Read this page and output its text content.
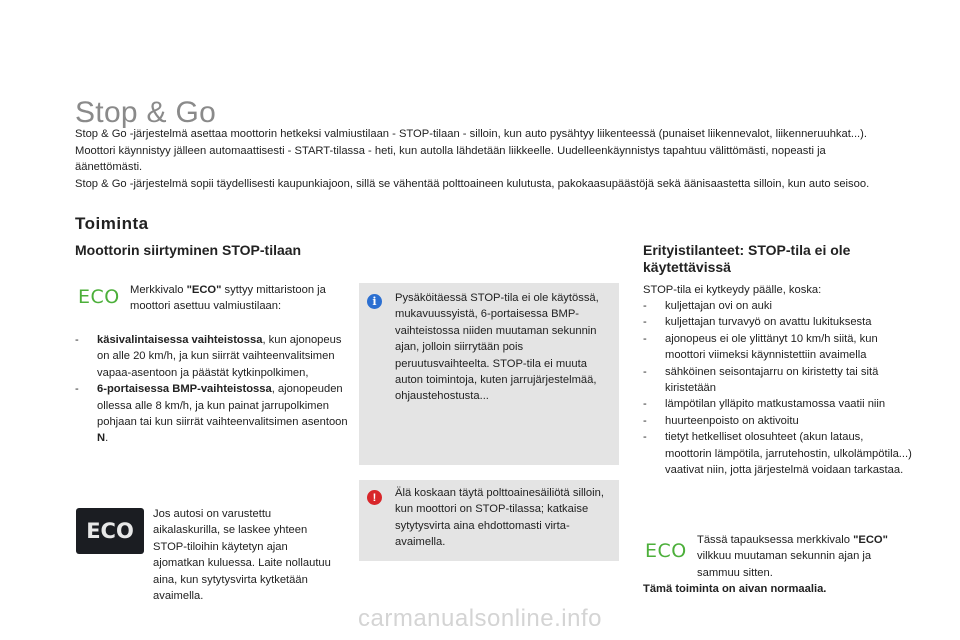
Stop & Go

Stop & Go -järjestelmä asettaa moottorin hetkeksi valmiustilaan - STOP-tilaan - silloin, kun auto pysähtyy liikenteessä (punaiset liikennevalot, liikenneruuhkat...). Moottori käynnistyy jälleen automaattisesti - START-tilassa - heti, kun autolla lähdetään liikkeelle. Uudelleenkäynnistys tapahtuu välittömästi, nopeasti ja äänettömästi.

Stop & Go -järjestelmä sopii täydellisesti kaupunkiajoon, sillä se vähentää polttoaineen kulutusta, pakokaasupäästöjä sekä äänisaastetta silloin, kun auto seisoo.

Toiminta
Moottorin siirtyminen STOP-tilaan
ECO Merkkivalo "ECO" syttyy mittaristoon ja moottori asettuu valmiustilaan:
- käsivalintaisessa vaihteistossa, kun ajonopeus on alle 20 km/h, ja kun siirrät vaihteenvalitsimen vapaa-asentoon ja päästät kytkinpolkimen,
- 6-portaisessa BMP-vaihteistossa, ajonopeuden ollessa alle 8 km/h, ja kun painat jarrupolkimen pohjaan tai kun siirrät vaihteenvalitsimen asentoon N.
ECO
Jos autosi on varustettu aikalaskurilla, se laskee yhteen STOP-tiloihin käytetyn ajan ajomatkan kuluessa. Laite nollautuu aina, kun sytytysvirta kytketään avaimella.
i	Pysäköitäessä STOP-tila ei ole käytössä, mukavuussyistä, 6-portaisessa BMP-vaihteistossa niiden muutaman sekunnin ajan, jolloin siirrytään pois peruutusvaihteelta. STOP-tila ei muuta auton toimintoja, kuten jarrujärjestelmää, ohjaustehostusta...
!	Älä koskaan täytä polttoainesäiliötä silloin, kun moottori on STOP-tilassa; katkaise sytytysvirta aina ehdottomasti virta-avaimella.
Erityistilanteet: STOP-tila ei ole käytettävissä
STOP-tila ei kytkeydy päälle, koska:
- kuljettajan ovi on auki
- kuljettajan turvavyö on avattu lukituksesta
- ajonopeus ei ole ylittänyt 10 km/h siitä, kun moottori viimeksi käynnistettiin avaimella
- sähköinen seisontajarru on kiristetty tai sitä kiristetään
- lämpötilan ylläpito matkustamossa vaatii niin
- huurteenpoisto on aktivoitu
- tietyt hetkelliset olosuhteet (akun lataus, moottorin lämpötila, jarrutehostin, ulkolämpötila...) vaativat niin, jotta järjestelmä voidaan tarkastaa.
ECO Tässä tapauksessa merkkivalo "ECO" vilkkuu muutaman sekunnin ajan ja sammuu sitten.
Tämä toiminta on aivan normaalia.
carmanualsonline.info
